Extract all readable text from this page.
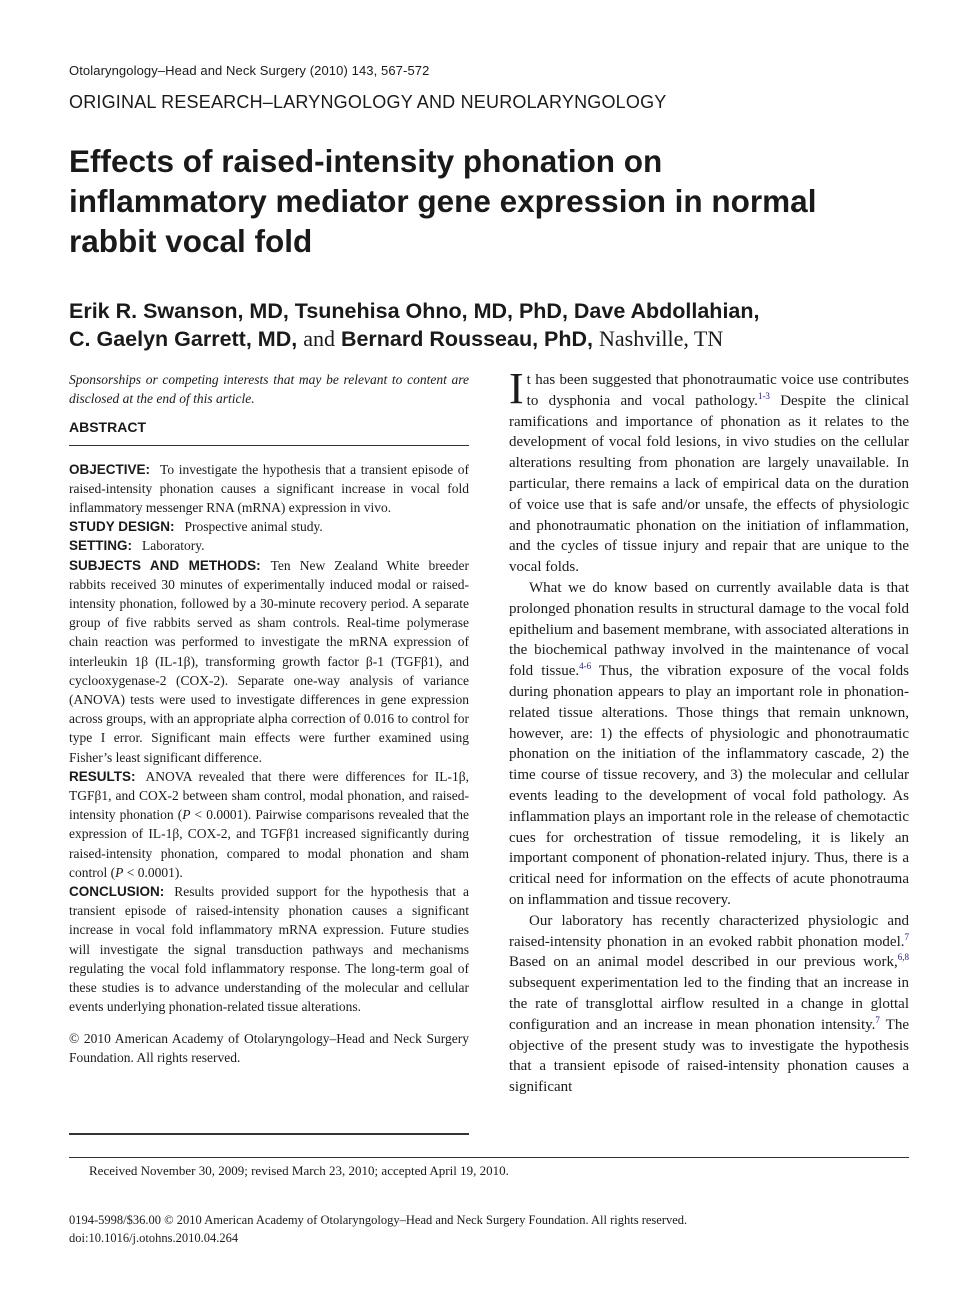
Otolaryngology–Head and Neck Surgery (2010) 143, 567-572
ORIGINAL RESEARCH–LARYNGOLOGY AND NEUROLARYNGOLOGY
Effects of raised-intensity phonation on inflammatory mediator gene expression in normal rabbit vocal fold
Erik R. Swanson, MD, Tsunehisa Ohno, MD, PhD, Dave Abdollahian,
C. Gaelyn Garrett, MD, and Bernard Rousseau, PhD, Nashville, TN

Sponsorships or competing interests that may be relevant to content are disclosed at the end of this article.

ABSTRACT

OBJECTIVE: To investigate the hypothesis that a transient episode of raised-intensity phonation causes a significant increase in vocal fold inflammatory messenger RNA (mRNA) expression in vivo.

STUDY DESIGN: Prospective animal study.

SETTING: Laboratory.

SUBJECTS AND METHODS: Ten New Zealand White breeder rabbits received 30 minutes of experimentally induced modal or raised-intensity phonation, followed by a 30-minute recovery period. A separate group of five rabbits served as sham controls. Real-time polymerase chain reaction was performed to investigate the mRNA expression of interleukin 1β (IL-1β), transforming growth factor β-1 (TGFβ1), and cyclooxygenase-2 (COX-2). Separate one-way analysis of variance (ANOVA) tests were used to investigate differences in gene expression across groups, with an appropriate alpha correction of 0.016 to control for type I error. Significant main effects were further examined using Fisher’s least significant difference.

RESULTS: ANOVA revealed that there were differences for IL-1β, TGFβ1, and COX-2 between sham control, modal phonation, and raised-intensity phonation (P < 0.0001). Pairwise comparisons revealed that the expression of IL-1β, COX-2, and TGFβ1 increased significantly during raised-intensity phonation, compared to modal phonation and sham control (P < 0.0001).

CONCLUSION: Results provided support for the hypothesis that a transient episode of raised-intensity phonation causes a significant increase in vocal fold inflammatory mRNA expression. Future studies will investigate the signal transduction pathways and mechanisms regulating the vocal fold inflammatory response. The long-term goal of these studies is to advance understanding of the molecular and cellular events underlying phonation-related tissue alterations.

© 2010 American Academy of Otolaryngology–Head and Neck Surgery Foundation. All rights reserved.

It has been suggested that phonotraumatic voice use contributes to dysphonia and vocal pathology.$^{1-3}$ Despite the clinical ramifications and importance of phonation as it relates to the development of vocal fold lesions, in vivo studies on the cellular alterations resulting from phonation are largely unavailable. In particular, there remains a lack of empirical data on the duration of voice use that is safe and/or unsafe, the effects of physiologic and phonotraumatic phonation on the initiation of inflammation, and the cycles of tissue injury and repair that are unique to the vocal folds.

What we do know based on currently available data is that prolonged phonation results in structural damage to the vocal fold epithelium and basement membrane, with associated alterations in the biochemical pathway involved in the maintenance of vocal fold tissue.$^{4-6}$ Thus, the vibration exposure of the vocal folds during phonation appears to play an important role in phonation-related tissue alterations. Those things that remain unknown, however, are: 1) the effects of physiologic and phonotraumatic phonation on the initiation of the inflammatory cascade, 2) the time course of tissue recovery, and 3) the molecular and cellular events leading to the development of vocal fold pathology. As inflammation plays an important role in the release of chemotactic cues for orchestration of tissue remodeling, it is likely an important component of phonation-related injury. Thus, there is a critical need for information on the effects of acute phonotrauma on inflammation and tissue recovery.

Our laboratory has recently characterized physiologic and raised-intensity phonation in an evoked rabbit phonation model.$^7$ Based on an animal model described in our previous work,$^{6,8}$ subsequent experimentation led to the finding that an increase in the rate of transglottal airflow resulted in a change in glottal configuration and an increase in mean phonation intensity.$^7$ The objective of the present study was to investigate the hypothesis that a transient episode of raised-intensity phonation causes a significant

Received November 30, 2009; revised March 23, 2010; accepted April 19, 2010.
0194-5998/$36.00 © 2010 American Academy of Otolaryngology–Head and Neck Surgery Foundation. All rights reserved.
doi:10.1016/j.otohns.2010.04.264
